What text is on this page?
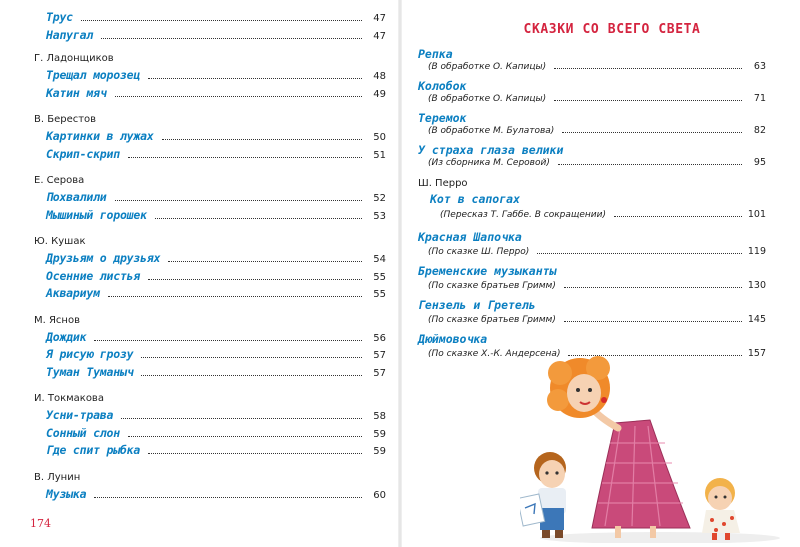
Трус	47
Напугал	47
Г. Ладонщиков
Трещал морозец	48
Катин мяч	49
В. Берестов
Картинки в лужах	50
Скрип-скрип	51
Е. Серова
Похвалили	52
Мышиный горошек	53
Ю. Кушак
Друзьям о друзьях	54
Осенние листья	55
Аквариум	55
М. Яснов
Дождик	56
Я рисую грозу	57
Туман Туманыч	57
И. Токмакова
Усни-трава	58
Сонный слон	59
Где спит рыбка	59
В. Лунин
Музыка	60
174
СКАЗКИ СО ВСЕГО СВЕТА
Репка
(В обработке О. Капицы)	63
Колобок
(В обработке О. Капицы)	71
Теремок
(В обработке М. Булатова)	82
У страха глаза велики
(Из сборника М. Серовой)	95
Ш. Перро
Кот в сапогах
(Пересказ Т. Габбе. В сокращении)	101
Красная Шапочка
(По сказке Ш. Перро)	119
Бременские музыканты
(По сказке братьев Гримм)	130
Гензель и Гретель
(По сказке братьев Гримм)	145
Дюймовочка
(По сказке Х.-К. Андерсена)	157
